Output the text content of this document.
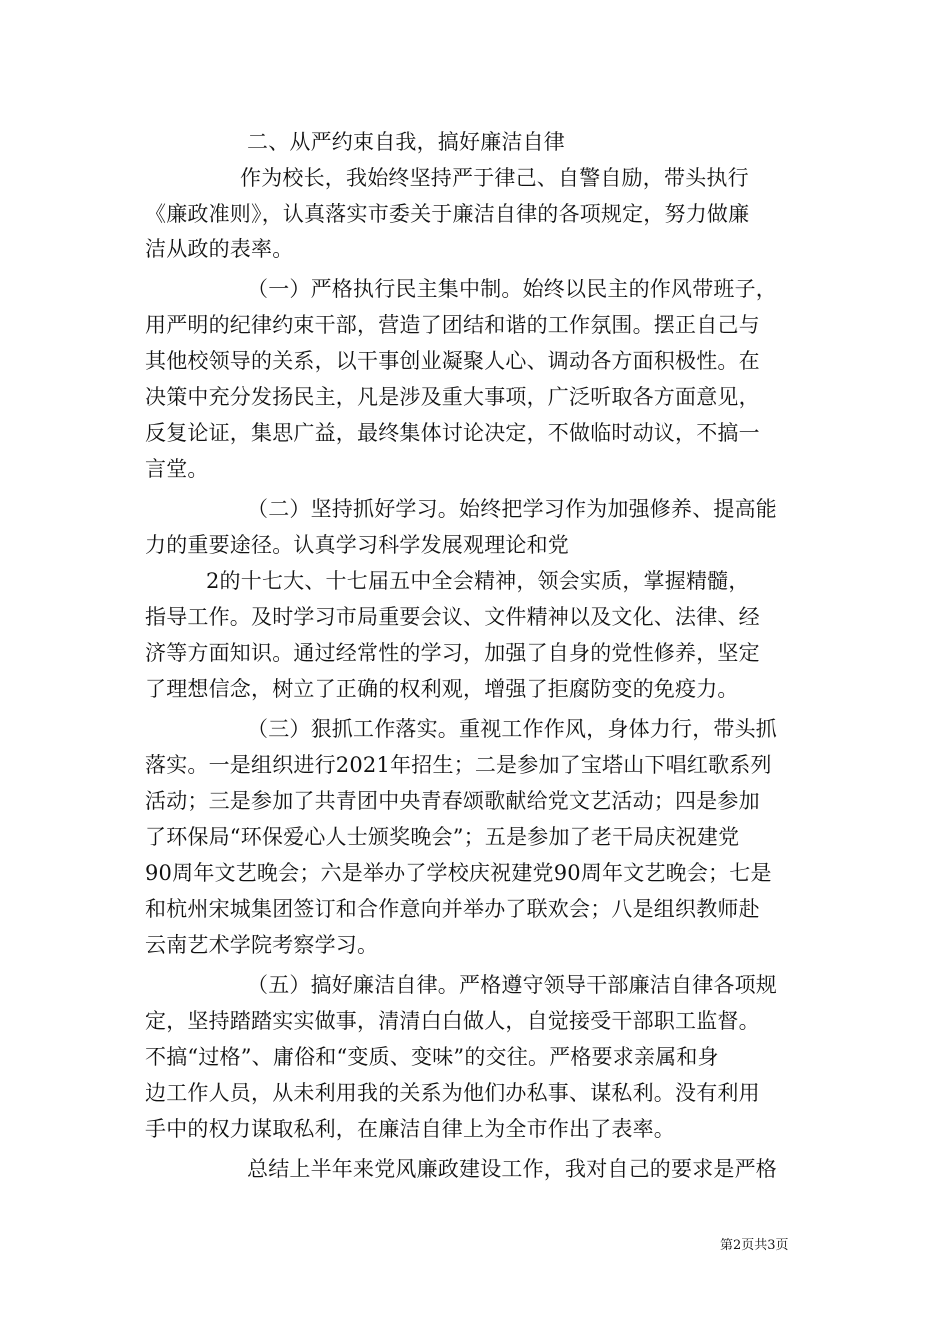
二、从严约束自我，搞好廉洁自律
作为校长，我始终坚持严于律己、自警自励，带头执行
《廉政准则》，认真落实市委关于廉洁自律的各项规定，努力做廉
洁从政的表率。
（一）严格执行民主集中制。始终以民主的作风带班子，
用严明的纪律约束干部，营造了团结和谐的工作氛围。摆正自己与
其他校领导的关系，以干事创业凝聚人心、调动各方面积极性。在
决策中充分发扬民主，凡是涉及重大事项，广泛听取各方面意见，
反复论证，集思广益，最终集体讨论决定，不做临时动议，不搞一
言堂。
（二）坚持抓好学习。始终把学习作为加强修养、提高能
力的重要途径。认真学习科学发展观理论和党
2的十七大、十七届五中全会精神，领会实质，掌握精髓，
指导工作。及时学习市局重要会议、文件精神以及文化、法律、经
济等方面知识。通过经常性的学习，加强了自身的党性修养，坚定
了理想信念，树立了正确的权利观，增强了拒腐防变的免疫力。
（三）狠抓工作落实。重视工作作风，身体力行，带头抓
落实。一是组织进行2021年招生；二是参加了宝塔山下唱红歌系列
活动；三是参加了共青团中央青春颂歌献给党文艺活动；四是参加
了环保局“环保爱心人士颁奖晚会”；五是参加了老干局庆祝建党
90周年文艺晚会；六是举办了学校庆祝建党90周年文艺晚会；七是
和杭州宋城集团签订和合作意向并举办了联欢会；八是组织教师赴
云南艺术学院考察学习。
（五）搞好廉洁自律。严格遵守领导干部廉洁自律各项规
定，坚持踏踏实实做事，清清白白做人，自觉接受干部职工监督。
不搞“过格”、庸俗和“变质、变味”的交往。严格要求亲属和身
边工作人员，从未利用我的关系为他们办私事、谋私利。没有利用
手中的权力谋取私利，在廉洁自律上为全市作出了表率。
总结上半年来党风廉政建设工作，我对自己的要求是严格
第2页共3页
